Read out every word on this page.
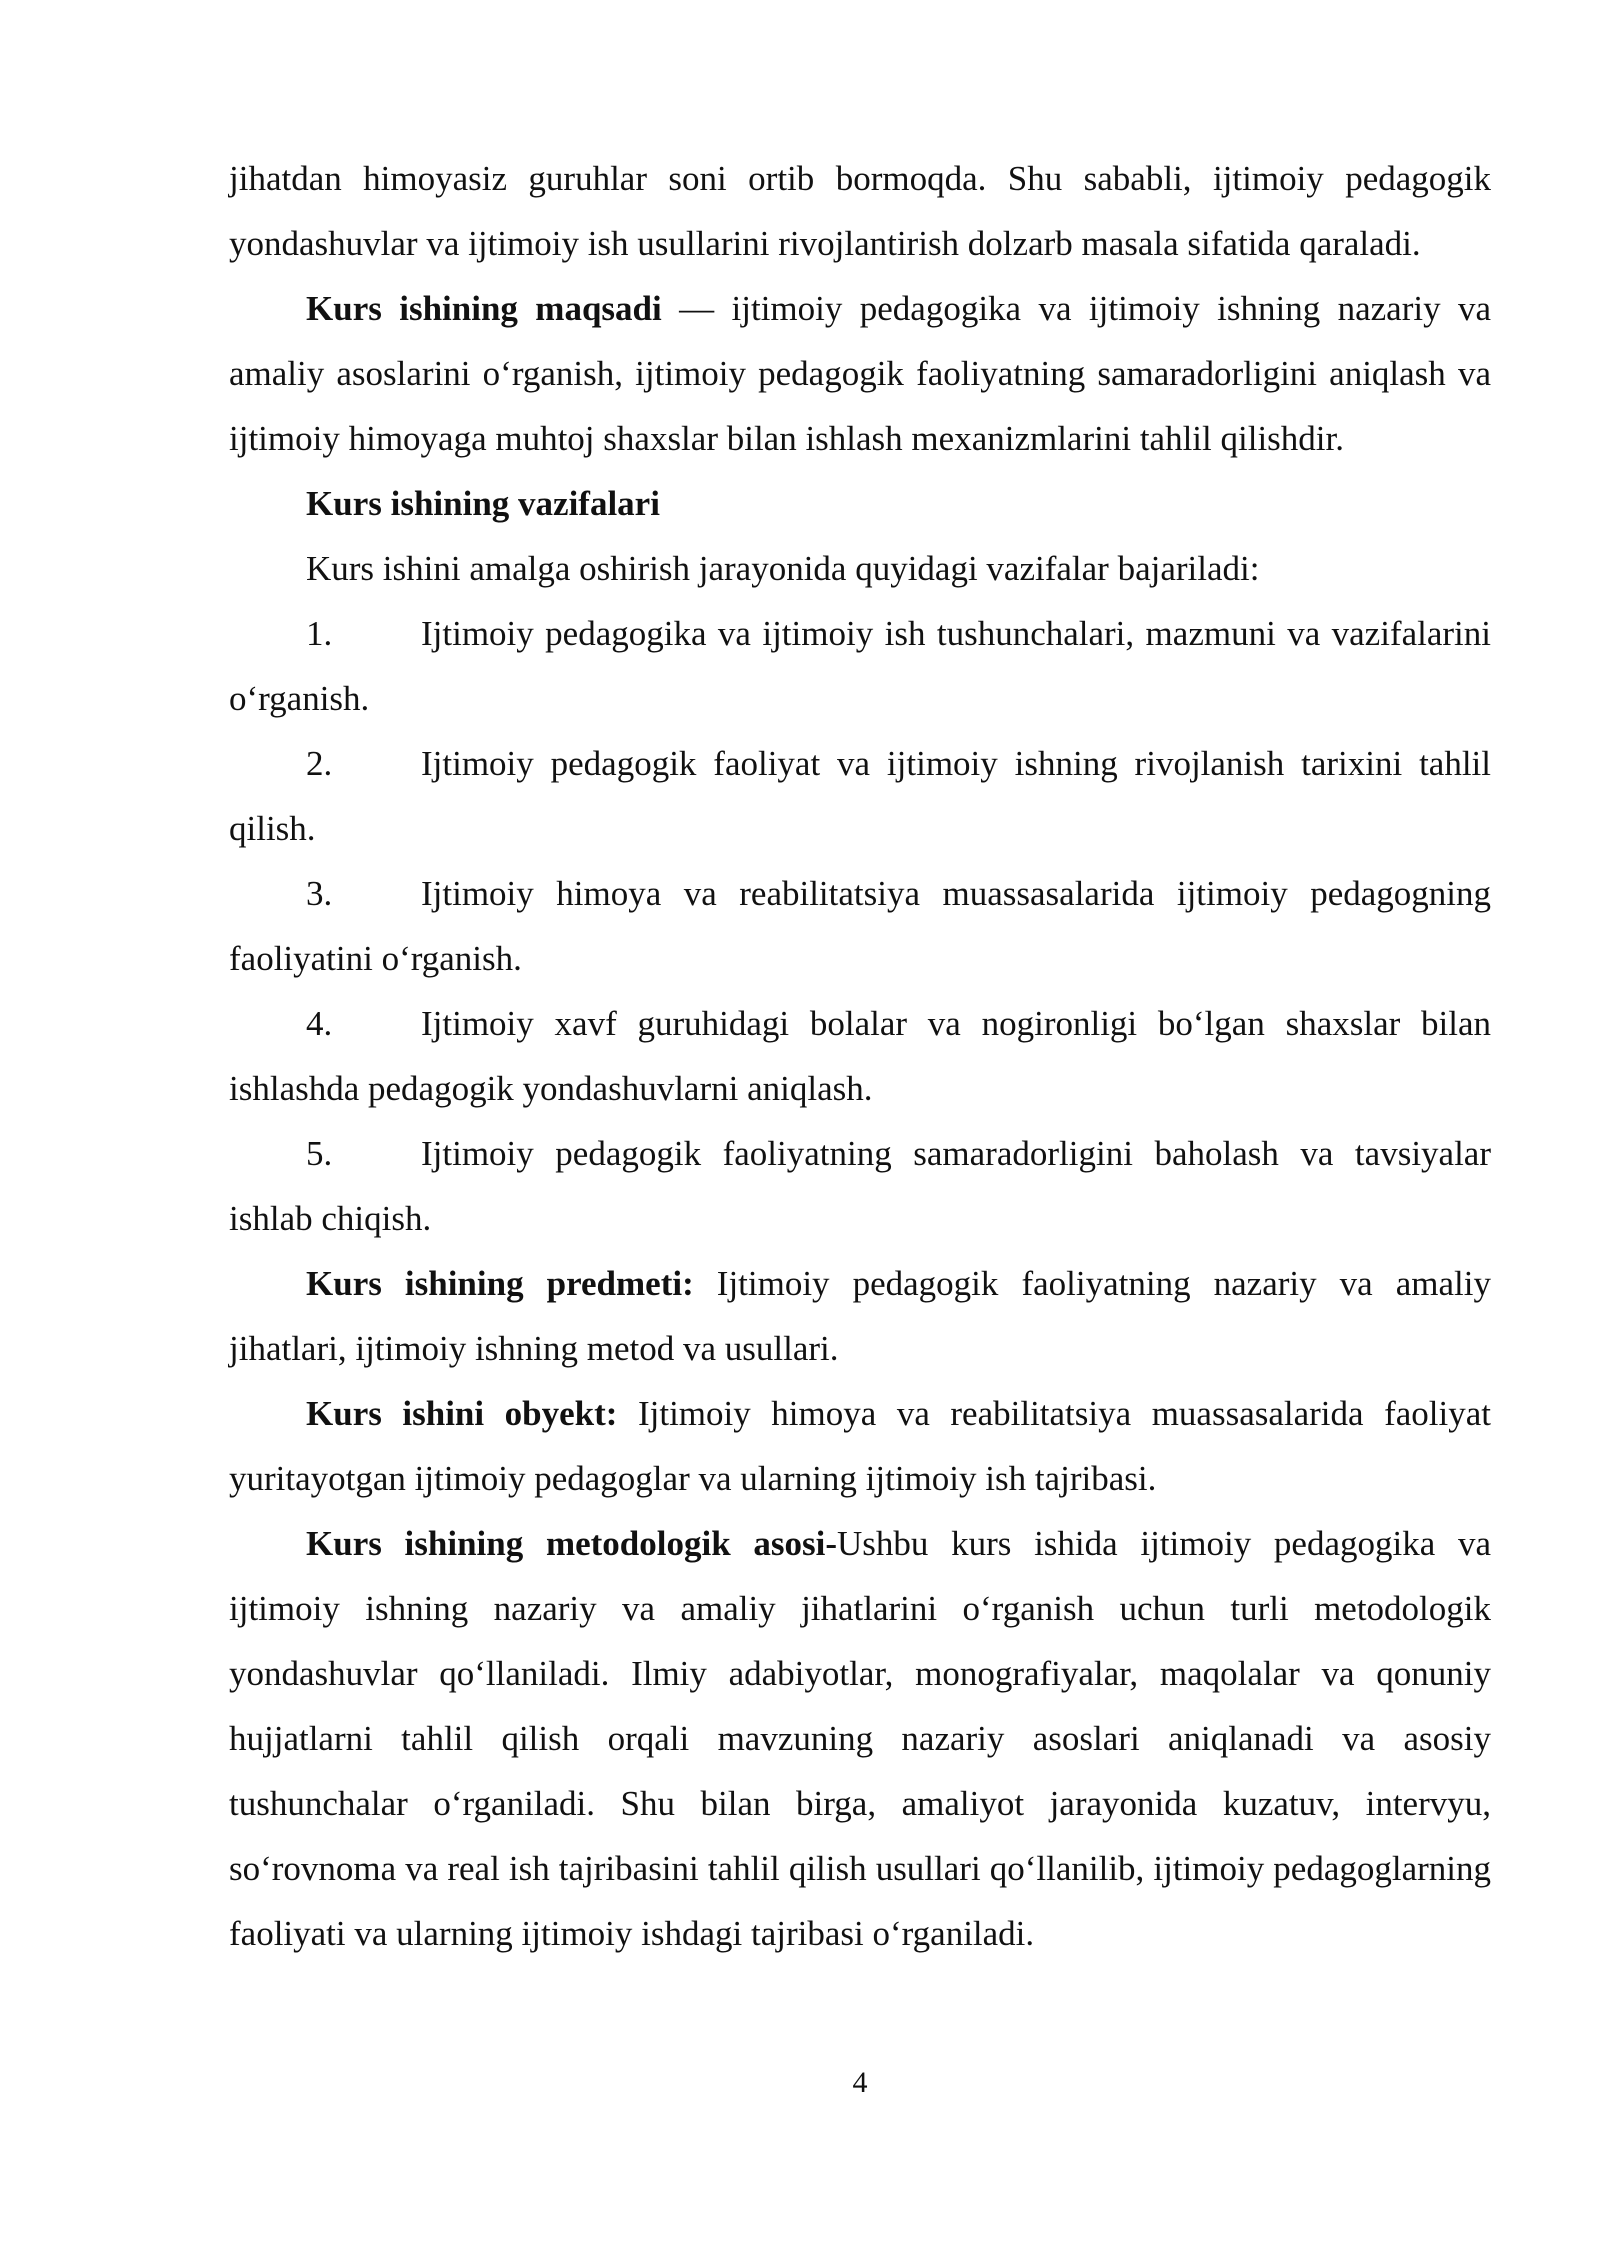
jihatdan himoyasiz guruhlar soni ortib bormoqda. Shu sababli, ijtimoiy pedagogik yondashuvlar va ijtimoiy ish usullarini rivojlantirish dolzarb masala sifatida qaraladi.

Kurs ishining maqsadi — ijtimoiy pedagogika va ijtimoiy ishning nazariy va amaliy asoslarini o‘rganish, ijtimoiy pedagogik faoliyatning samaradorligini aniqlash va ijtimoiy himoyaga muhtoj shaxslar bilan ishlash mexanizmlarini tahlil qilishdir.

Kurs ishining vazifalari

Kurs ishini amalga oshirish jarayonida quyidagi vazifalar bajariladi:

1.	Ijtimoiy pedagogika va ijtimoiy ish tushunchalari, mazmuni va vazifalarini o‘rganish.

2.	Ijtimoiy pedagogik faoliyat va ijtimoiy ishning rivojlanish tarixini tahlil qilish.

3.	Ijtimoiy himoya va reabilitatsiya muassasalarida ijtimoiy pedagogning faoliyatini o‘rganish.

4.	Ijtimoiy xavf guruhidagi bolalar va nogironligi bo‘lgan shaxslar bilan ishlashda pedagogik yondashuvlarni aniqlash.

5.	Ijtimoiy pedagogik faoliyatning samaradorligini baholash va tavsiyalar ishlab chiqish.

Kurs ishining predmeti: Ijtimoiy pedagogik faoliyatning nazariy va amaliy jihatlari, ijtimoiy ishning metod va usullari.

Kurs ishini obyekt: Ijtimoiy himoya va reabilitatsiya muassasalarida faoliyat yuritayotgan ijtimoiy pedagoglar va ularning ijtimoiy ish tajribasi.

Kurs ishining metodologik asosi-Ushbu kurs ishida ijtimoiy pedagogika va ijtimoiy ishning nazariy va amaliy jihatlarini o‘rganish uchun turli metodologik yondashuvlar qo‘llaniladi. Ilmiy adabiyotlar, monografiyalar, maqolalar va qonuniy hujjatlarni tahlil qilish orqali mavzuning nazariy asoslari aniqlanadi va asosiy tushunchalar o‘rganiladi. Shu bilan birga, amaliyot jarayonida kuzatuv, intervyu, so‘rovnoma va real ish tajribasini tahlil qilish usullari qo‘llanilib, ijtimoiy pedagoglarning faoliyati va ularning ijtimoiy ishdagi tajribasi o‘rganiladi.

4
